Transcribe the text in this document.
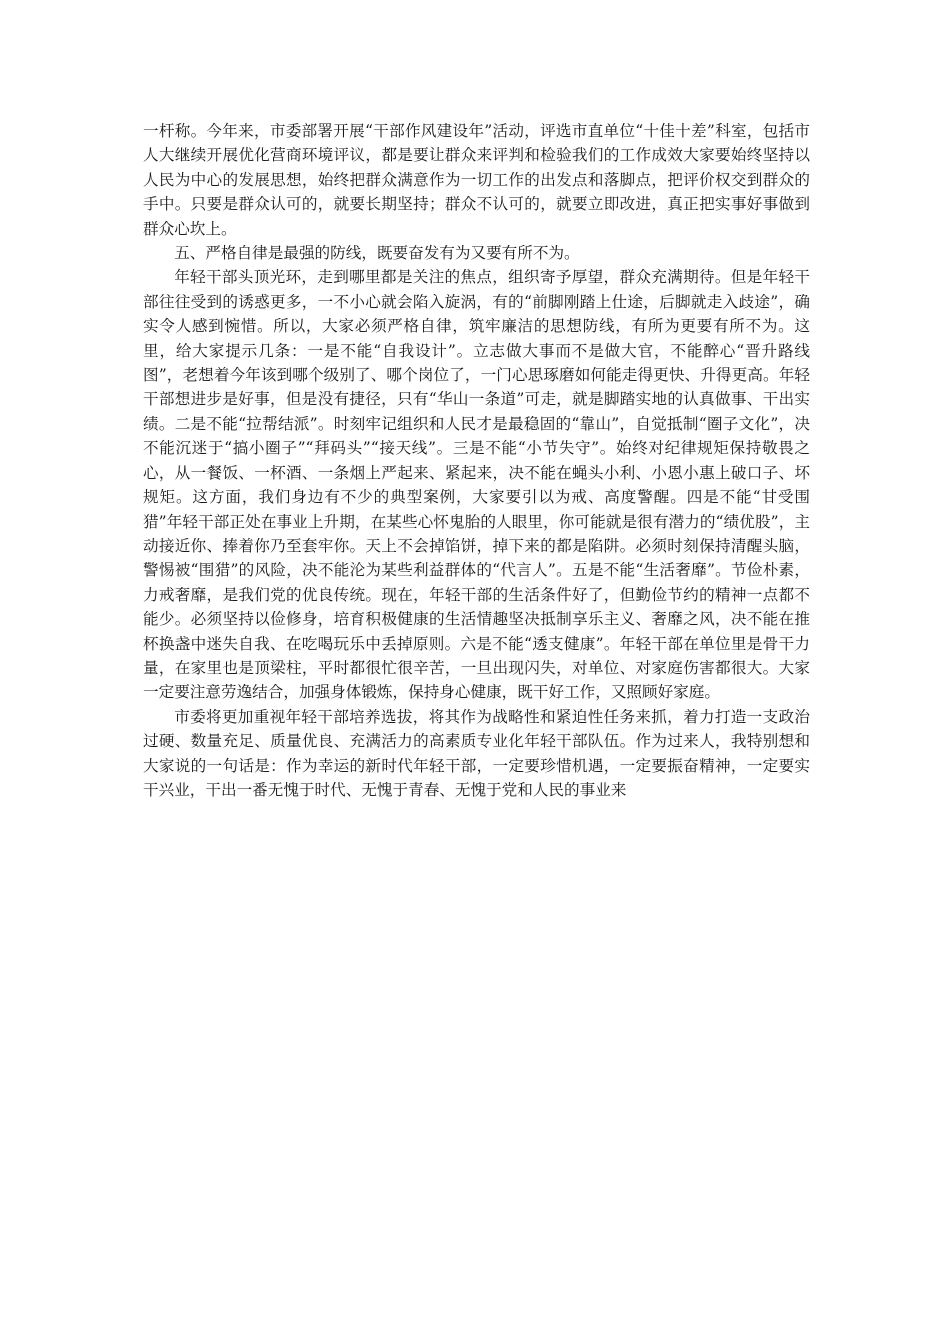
一杆称。今年来，市委部署开展“干部作风建设年”活动，评选市直单位“十佳十差”科室，包括市人大继续开展优化营商环境评议，都是要让群众来评判和检验我们的工作成效大家要始终坚持以人民为中心的发展思想，始终把群众满意作为一切工作的出发点和落脚点，把评价权交到群众的手中。只要是群众认可的，就要长期坚持；群众不认可的，就要立即改进，真正把实事好事做到群众心坎上。

五、严格自律是最强的防线，既要奋发有为又要有所不为。

年轻干部头顶光环，走到哪里都是关注的焦点，组织寄予厚望，群众充满期待。但是年轻干部往往受到的诱惑更多，一不小心就会陷入旋涡，有的“前脚刚踏上仕途，后脚就走入歧途”，确实令人感到惋惜。所以，大家必须严格自律，筑牢廉洁的思想防线，有所为更要有所不为。这里，给大家提示几条：一是不能“自我设计”。立志做大事而不是做大官，不能醉心“晋升路线图”，老想着今年该到哪个级别了、哪个岗位了，一门心思琢磨如何能走得更快、升得更高。年轻干部想进步是好事，但是没有捷径，只有“华山一条道”可走，就是脚踏实地的认真做事、干出实绩。二是不能“拉帮结派”。时刻牢记组织和人民才是最稳固的“靠山”，自觉抵制“圈子文化”，决不能沉迷于“搞小圈子”“拜码头”“接天线”。三是不能“小节失守”。始终对纪律规矩保持敬畏之心，从一餐饭、一杯酒、一条烟上严起来、紧起来，决不能在蝇头小利、小恩小惠上破口子、坏规矩。这方面，我们身边有不少的典型案例，大家要引以为戒、高度警醒。四是不能“甘受围猎”年轻干部正处在事业上升期，在某些心怀鬼胎的人眼里，你可能就是很有潜力的“绩优股”，主动接近你、捧着你乃至套牢你。天上不会掉馅饼，掉下来的都是陷阱。必须时刻保持清醒头脑，警惕被“围猎”的风险，决不能沦为某些利益群体的“代言人”。五是不能“生活奢靡”。节俭朴素，力戒奢靡，是我们党的优良传统。现在，年轻干部的生活条件好了，但勤俭节约的精神一点都不能少。必须坚持以俭修身，培育积极健康的生活情趣坚决抵制享乐主义、奢靡之风，决不能在推杯换盏中迷失自我、在吃喝玩乐中丢掉原则。六是不能“透支健康”。年轻干部在单位里是骨干力量，在家里也是顶梁柱，平时都很忙很辛苦，一旦出现闪失，对单位、对家庭伤害都很大。大家一定要注意劳逸结合，加强身体锻炼，保持身心健康，既干好工作，又照顾好家庭。

市委将更加重视年轻干部培养选拔，将其作为战略性和紧迫性任务来抓，着力打造一支政治过硬、数量充足、质量优良、充满活力的高素质专业化年轻干部队伍。作为过来人，我特别想和大家说的一句话是：作为幸运的新时代年轻干部，一定要珍惜机遇，一定要振奋精神，一定要实干兴业，干出一番无愧于时代、无愧于青春、无愧于党和人民的事业来
